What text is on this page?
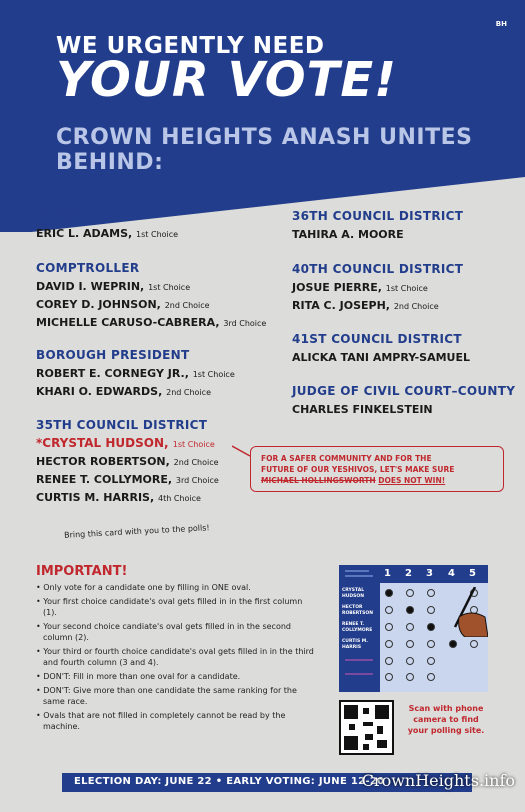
BH
WE URGENTLY NEED
YOUR VOTE!
CROWN HEIGHTS ANASH UNITES BEHIND:
MAYOR
ERIC L. ADAMS, 1st Choice
COMPTROLLER
DAVID I. WEPRIN, 1st Choice
COREY D. JOHNSON, 2nd Choice
MICHELLE CARUSO-CABRERA, 3rd Choice
BOROUGH PRESIDENT
ROBERT E. CORNEGY JR., 1st Choice
KHARI O. EDWARDS, 2nd Choice
35TH COUNCIL DISTRICT
*CRYSTAL HUDSON, 1st Choice
HECTOR ROBERTSON, 2nd Choice
RENEE T. COLLYMORE, 3rd Choice
CURTIS M. HARRIS, 4th Choice
36TH COUNCIL DISTRICT
TAHIRA A. MOORE
40TH COUNCIL DISTRICT
JOSUE PIERRE, 1st Choice
RITA C. JOSEPH, 2nd Choice
41ST COUNCIL DISTRICT
ALICKA TANI AMPRY-SAMUEL
JUDGE OF CIVIL COURT–COUNTY
CHARLES FINKELSTEIN
FOR A SAFER COMMUNITY AND FOR THE
FUTURE OF OUR YESHIVOS, LET'S MAKE SURE
MICHAEL HOLLINGSWORTH DOES NOT WIN!
Bring this card with you to the polls!
IMPORTANT!
• Only vote for a candidate one by filling in ONE oval.
• Your first choice candidate's oval gets filled in in the first column (1).
• Your second choice candiate's oval gets filled in in the second column (2).
• Your third or fourth choice candidate's oval gets filled in in the third and fourth column (3 and 4).
• DON'T: Fill in more than one oval for a candidate.
• DON'T: Give more than one candidate the same ranking for the same race.
• Ovals that are not filled in completely cannot be read by the machine.
1 2 3 4 5
CRYSTAL HUDSON
HECTOR ROBERTSON
RENEE T. COLLYMORE
CURTIS M. HARRIS
Scan with phone camera to find your polling site.
ELECTION DAY: JUNE 22 • EARLY VOTING: JUNE 12-20
CrownHeights.info
